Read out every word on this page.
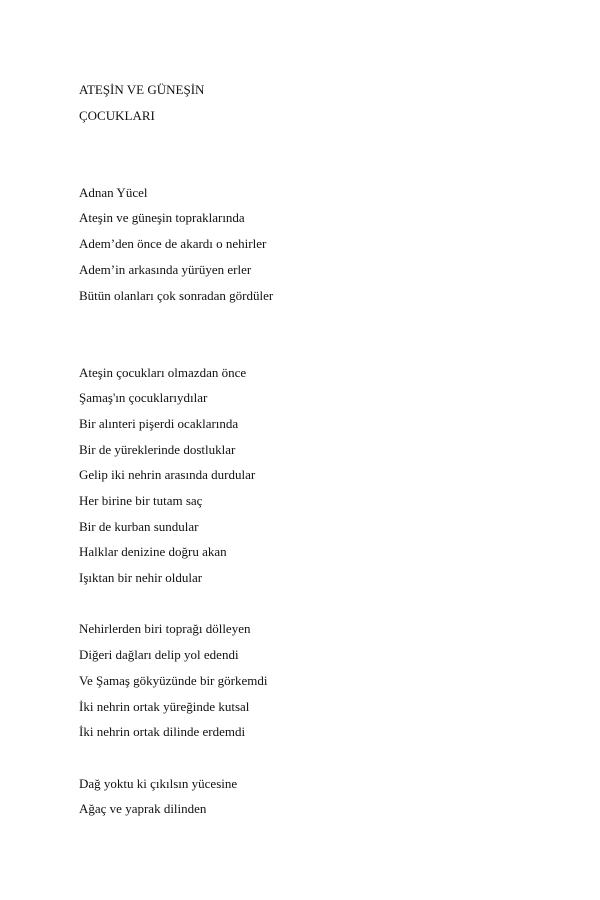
ATEŞİN VE GÜNEŞİN
ÇOCUKLARI
Adnan Yücel
Ateşin ve güneşin topraklarında
Adem’den önce de akardı o nehirler
Adem’in arkasında yürüyen erler
Bütün olanları çok sonradan gördüler
Ateşin çocukları olmazdan önce
Şamaş'ın çocuklarıydılar
Bir alınteri pişerdi ocaklarında
Bir de yüreklerinde dostluklar
Gelip iki nehrin arasında durdular
Her birine bir tutam saç
Bir de kurban sundular
Halklar denizine doğru akan
Işıktan bir nehir oldular
Nehirlerden biri toprağı dölleyen
Diğeri dağları delip yol edendi
Ve Şamaş gökyüzünde bir görkemdi
İki nehrin ortak yüreğinde kutsal
İki nehrin ortak dilinde erdemdi
Dağ yoktu ki çıkılsın yücesine
Ağaç ve yaprak dilinden
